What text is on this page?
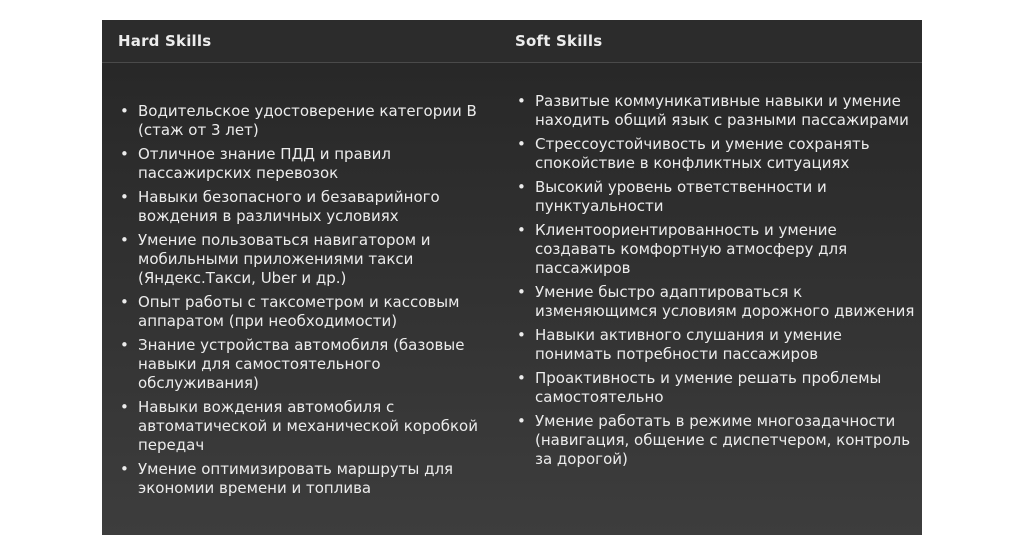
Hard Skills	Soft Skills
• Водительское удостоверение категории B (стаж от 3 лет)
• Отличное знание ПДД и правил пассажирских перевозок
• Навыки безопасного и безаварийного вождения в различных условиях
• Умение пользоваться навигатором и мобильными приложениями такси (Яндекс.Такси, Uber и др.)
• Опыт работы с таксометром и кассовым аппаратом (при необходимости)
• Знание устройства автомобиля (базовые навыки для самостоятельного обслуживания)
• Навыки вождения автомобиля с автоматической и механической коробкой передач
• Умение оптимизировать маршруты для экономии времени и топлива
• Развитые коммуникативные навыки и умение находить общий язык с разными пассажирами
• Стрессоустойчивость и умение сохранять спокойствие в конфликтных ситуациях
• Высокий уровень ответственности и пунктуальности
• Клиентоориентированность и умение создавать комфортную атмосферу для пассажиров
• Умение быстро адаптироваться к изменяющимся условиям дорожного движения
• Навыки активного слушания и умение понимать потребности пассажиров
• Проактивность и умение решать проблемы самостоятельно
• Умение работать в режиме многозадачности (навигация, общение с диспетчером, контроль за дорогой)
